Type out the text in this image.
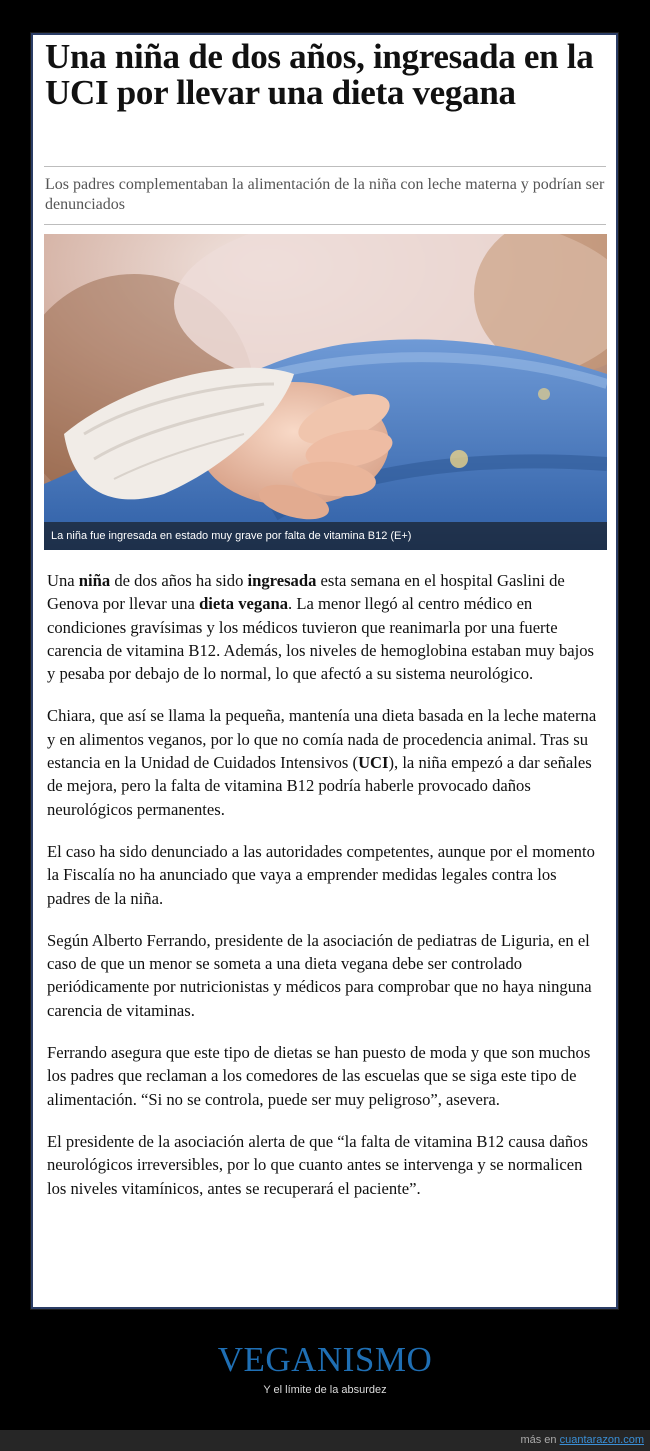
Una niña de dos años, ingresada en la UCI por llevar una dieta vegana
Los padres complementaban la alimentación de la niña con leche materna y podrían ser denunciados
La niña fue ingresada en estado muy grave por falta de vitamina B12 (E+)

Una niña de dos años ha sido ingresada esta semana en el hospital Gaslini de Genova por llevar una dieta vegana. La menor llegó al centro médico en condiciones gravísimas y los médicos tuvieron que reanimarla por una fuerte carencia de vitamina B12. Además, los niveles de hemoglobina estaban muy bajos y pesaba por debajo de lo normal, lo que afectó a su sistema neurológico.

Chiara, que así se llama la pequeña, mantenía una dieta basada en la leche materna y en alimentos veganos, por lo que no comía nada de procedencia animal. Tras su estancia en la Unidad de Cuidados Intensivos (UCI), la niña empezó a dar señales de mejora, pero la falta de vitamina B12 podría haberle provocado daños neurológicos permanentes.

El caso ha sido denunciado a las autoridades competentes, aunque por el momento la Fiscalía no ha anunciado que vaya a emprender medidas legales contra los padres de la niña.

Según Alberto Ferrando, presidente de la asociación de pediatras de Liguria, en el caso de que un menor se someta a una dieta vegana debe ser controlado periódicamente por nutricionistas y médicos para comprobar que no haya ninguna carencia de vitaminas.

Ferrando asegura que este tipo de dietas se han puesto de moda y que son muchos los padres que reclaman a los comedores de las escuelas que se siga este tipo de alimentación. “Si no se controla, puede ser muy peligroso”, asevera.

El presidente de la asociación alerta de que “la falta de vitamina B12 causa daños neurológicos irreversibles, por lo que cuanto antes se intervenga y se normalicen los niveles vitamínicos, antes se recuperará el paciente”.

VEGANISMO
Y el límite de la absurdez
más en cuantarazon.com
